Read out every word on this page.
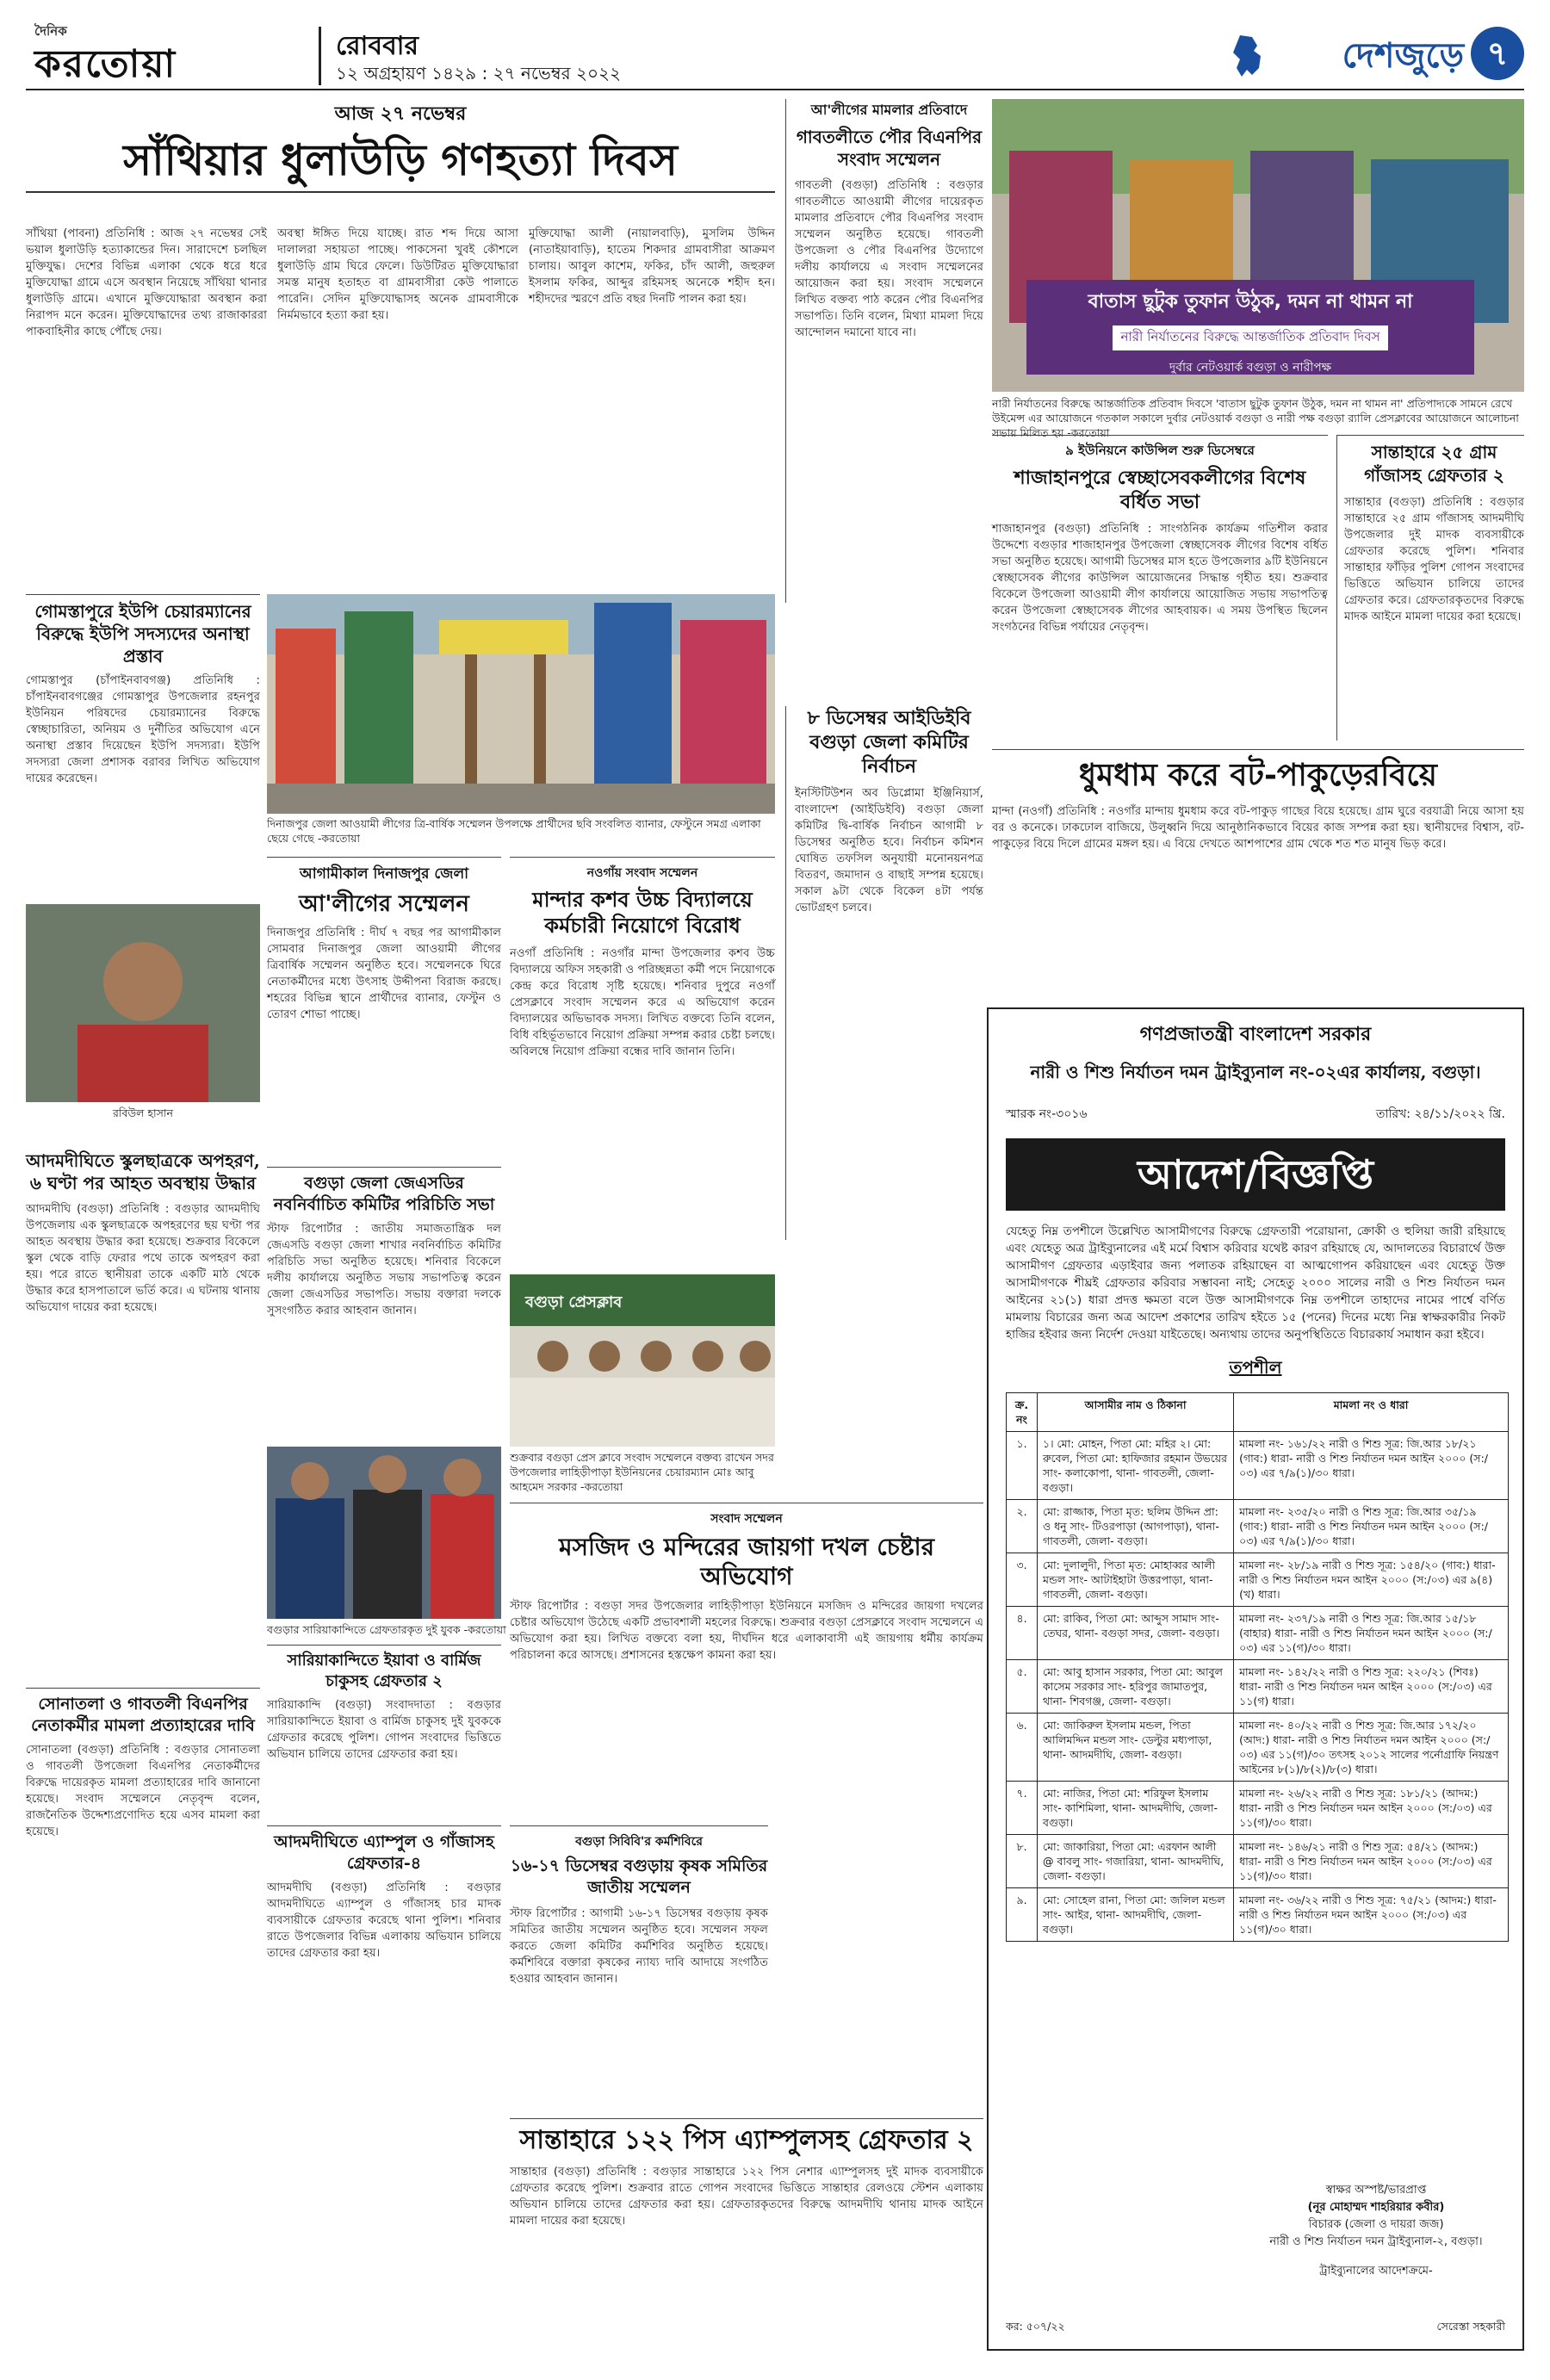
দৈনিক
করতোয়া	রোববার
১২ অগ্রহায়ণ ১৪২৯ : ২৭ নভেম্বর ২০২২	দেশজুড়ে ৭
আজ ২৭ নভেম্বর
সাঁথিয়ার ধুলাউড়ি গণহত্যা দিবস
সাঁথিয়া (পাবনা) প্রতিনিধি : আজ ২৭ নভেম্বর সেই ভয়াল ধুলাউড়ি হত্যাকান্ডের দিন। সারাদেশে চলছিল মুক্তিযুদ্ধ। দেশের বিভিন্ন এলাকা থেকে ধরে ধরে মুক্তিযোদ্ধা গ্রামে এসে অবস্থান নিয়েছে সাঁথিয়া থানার ধুলাউড়ি গ্রামে। এখানে মুক্তিযোদ্ধারা অবস্থান করা নিরাপদ মনে করেন। মুক্তিযোদ্ধাদের তথ্য রাজাকাররা পাকবাহিনীর কাছে পৌঁছে দেয়।
অবস্থা ঈঙ্গিত দিয়ে যাচ্ছে। রাত শব্দ দিয়ে আসা দালালরা সহায়তা পাচ্ছে। পাকসেনা খুবই কৌশলে ধুলাউড়ি গ্রাম ঘিরে ফেলে। ডিউটিরত মুক্তিযোদ্ধারা সমস্ত মানুষ হতাহত বা গ্রামবাসীরা কেউ পালাতে পারেনি। সেদিন মুক্তিযোদ্ধাসহ অনেক গ্রামবাসীকে নির্মমভাবে হত্যা করা হয়।
মুক্তিযোদ্ধা আলী (নায়ালবাড়ি), মুসলিম উদ্দিন (নাতাইয়াবাড়ি), হাতেম শিকদার গ্রামবাসীরা আক্রমণ চালায়। আবুল কাশেম, ফকির, চাঁদ আলী, জহুরুল ইসলাম ফকির, আব্দুর রহিমসহ অনেকে শহীদ হন। শহীদদের স্মরণে প্রতি বছর দিনটি পালন করা হয়।
গোমস্তাপুরে ইউপি চেয়ারম্যানের বিরুদ্ধে ইউপি সদস্যদের অনাস্থা প্রস্তাব
গোমস্তাপুর (চাঁপাইনবাবগঞ্জ) প্রতিনিধি : চাঁপাইনবাবগঞ্জের গোমস্তাপুর উপজেলার রহনপুর ইউনিয়ন পরিষদের চেয়ারম্যানের বিরুদ্ধে স্বেচ্ছাচারিতা, অনিয়ম ও দুর্নীতির অভিযোগ এনে অনাস্থা প্রস্তাব দিয়েছেন ইউপি সদস্যরা। ইউপি সদস্যরা জেলা প্রশাসক বরাবর লিখিত অভিযোগ দায়ের করেছেন।
দিনাজপুর জেলা আওয়ামী লীগের ত্রি-বার্ষিক সম্মেলন উপলক্ষে প্রার্থীদের ছবি সংবলিত ব্যানার, ফেস্টুনে সমগ্র এলাকা ছেয়ে গেছে -করতোয়া
আগামীকাল দিনাজপুর জেলা
আ'লীগের সম্মেলন
দিনাজপুর প্রতিনিধি : দীর্ঘ ৭ বছর পর আগামীকাল সোমবার দিনাজপুর জেলা আওয়ামী লীগের ত্রিবার্ষিক সম্মেলন অনুষ্ঠিত হবে। সম্মেলনকে ঘিরে নেতাকর্মীদের মধ্যে উৎসাহ উদ্দীপনা বিরাজ করছে। শহরের বিভিন্ন স্থানে প্রার্থীদের ব্যানার, ফেস্টুন ও তোরণ শোভা পাচ্ছে।
নওগাঁয় সংবাদ সম্মেলন
মান্দার কশব উচ্চ বিদ্যালয়ে কর্মচারী নিয়োগে বিরোধ
নওগাঁ প্রতিনিধি : নওগাঁর মান্দা উপজেলার কশব উচ্চ বিদ্যালয়ে অফিস সহকারী ও পরিচ্ছন্নতা কর্মী পদে নিয়োগকে কেন্দ্র করে বিরোধ সৃষ্টি হয়েছে। শনিবার দুপুরে নওগাঁ প্রেসক্লাবে সংবাদ সম্মেলন করে এ অভিযোগ করেন বিদ্যালয়ের অভিভাবক সদস্য। লিখিত বক্তব্যে তিনি বলেন, বিধি বহির্ভূতভাবে নিয়োগ প্রক্রিয়া সম্পন্ন করার চেষ্টা চলছে। অবিলম্বে নিয়োগ প্রক্রিয়া বন্ধের দাবি জানান তিনি।
রবিউল হাসান
আদমদীঘিতে স্কুলছাত্রকে অপহরণ, ৬ ঘণ্টা পর আহত অবস্থায় উদ্ধার
আদমদীঘি (বগুড়া) প্রতিনিধি : বগুড়ার আদমদীঘি উপজেলায় এক স্কুলছাত্রকে অপহরণের ছয় ঘণ্টা পর আহত অবস্থায় উদ্ধার করা হয়েছে। শুক্রবার বিকেলে স্কুল থেকে বাড়ি ফেরার পথে তাকে অপহরণ করা হয়। পরে রাতে স্থানীয়রা তাকে একটি মাঠ থেকে উদ্ধার করে হাসপাতালে ভর্তি করে। এ ঘটনায় থানায় অভিযোগ দায়ের করা হয়েছে।
বগুড়া জেলা জেএসডির নবনির্বাচিত কমিটির পরিচিতি সভা
স্টাফ রিপোর্টার : জাতীয় সমাজতান্ত্রিক দল জেএসডি বগুড়া জেলা শাখার নবনির্বাচিত কমিটির পরিচিতি সভা অনুষ্ঠিত হয়েছে। শনিবার বিকেলে দলীয় কার্যালয়ে অনুষ্ঠিত সভায় সভাপতিত্ব করেন জেলা জেএসডির সভাপতি। সভায় বক্তারা দলকে সুসংগঠিত করার আহবান জানান।	বগুড়া প্রেসক্লাব
শুক্রবার বগুড়া প্রেস ক্লাবে সংবাদ সম্মেলনে বক্তব্য রাখেন সদর উপজেলার লাহিড়ীপাড়া ইউনিয়নের চেয়ারম্যান মোঃ আবু আহমেদ সরকার -করতোয়া
বগুড়ার সারিয়াকান্দিতে গ্রেফতারকৃত দুই যুবক -করতোয়া
সংবাদ সম্মেলন
মসজিদ ও মন্দিরের জায়গা দখল চেষ্টার অভিযোগ
স্টাফ রিপোর্টার : বগুড়া সদর উপজেলার লাহিড়ীপাড়া ইউনিয়নে মসজিদ ও মন্দিরের জায়গা দখলের চেষ্টার অভিযোগ উঠেছে একটি প্রভাবশালী মহলের বিরুদ্ধে। শুক্রবার বগুড়া প্রেসক্লাবে সংবাদ সম্মেলনে এ অভিযোগ করা হয়। লিখিত বক্তব্যে বলা হয়, দীর্ঘদিন ধরে এলাকাবাসী এই জায়গায় ধর্মীয় কার্যক্রম পরিচালনা করে আসছে। প্রশাসনের হস্তক্ষেপ কামনা করা হয়।
সারিয়াকান্দিতে ইয়াবা ও বার্মিজ চাকুসহ গ্রেফতার ২
সারিয়াকান্দি (বগুড়া) সংবাদদাতা : বগুড়ার সারিয়াকান্দিতে ইয়াবা ও বার্মিজ চাকুসহ দুই যুবককে গ্রেফতার করেছে পুলিশ। গোপন সংবাদের ভিত্তিতে অভিযান চালিয়ে তাদের গ্রেফতার করা হয়।
সোনাতলা ও গাবতলী বিএনপির নেতাকর্মীর মামলা প্রত্যাহারের দাবি
সোনাতলা (বগুড়া) প্রতিনিধি : বগুড়ার সোনাতলা ও গাবতলী উপজেলা বিএনপির নেতাকর্মীদের বিরুদ্ধে দায়েরকৃত মামলা প্রত্যাহারের দাবি জানানো হয়েছে। সংবাদ সম্মেলনে নেতৃবৃন্দ বলেন, রাজনৈতিক উদ্দেশ্যপ্রণোদিত হয়ে এসব মামলা করা হয়েছে।
আদমদীঘিতে এ্যাম্পুল ও গাঁজাসহ গ্রেফতার-৪
আদমদীঘি (বগুড়া) প্রতিনিধি : বগুড়ার আদমদীঘিতে এ্যাম্পুল ও গাঁজাসহ চার মাদক ব্যবসায়ীকে গ্রেফতার করেছে থানা পুলিশ। শনিবার রাতে উপজেলার বিভিন্ন এলাকায় অভিযান চালিয়ে তাদের গ্রেফতার করা হয়।
বগুড়া সিবিবি'র কর্মশিবিরে
১৬-১৭ ডিসেম্বর বগুড়ায় কৃষক সমিতির জাতীয় সম্মেলন
স্টাফ রিপোর্টার : আগামী ১৬-১৭ ডিসেম্বর বগুড়ায় কৃষক সমিতির জাতীয় সম্মেলন অনুষ্ঠিত হবে। সম্মেলন সফল করতে জেলা কমিটির কর্মশিবির অনুষ্ঠিত হয়েছে। কর্মশিবিরে বক্তারা কৃষকের ন্যায্য দাবি আদায়ে সংগঠিত হওয়ার আহবান জানান।
সান্তাহারে ১২২ পিস এ্যাম্পুলসহ গ্রেফতার ২
সান্তাহার (বগুড়া) প্রতিনিধি : বগুড়ার সান্তাহারে ১২২ পিস নেশার এ্যাম্পুলসহ দুই মাদক ব্যবসায়ীকে গ্রেফতার করেছে পুলিশ। শুক্রবার রাতে গোপন সংবাদের ভিত্তিতে সান্তাহার রেলওয়ে স্টেশন এলাকায় অভিযান চালিয়ে তাদের গ্রেফতার করা হয়। গ্রেফতারকৃতদের বিরুদ্ধে আদমদীঘি থানায় মাদক আইনে মামলা দায়ের করা হয়েছে।
আ'লীগের মামলার প্রতিবাদে
গাবতলীতে পৌর বিএনপির সংবাদ সম্মেলন
গাবতলী (বগুড়া) প্রতিনিধি : বগুড়ার গাবতলীতে আওয়ামী লীগের দায়েরকৃত মামলার প্রতিবাদে পৌর বিএনপির সংবাদ সম্মেলন অনুষ্ঠিত হয়েছে। গাবতলী উপজেলা ও পৌর বিএনপির উদ্যোগে দলীয় কার্যালয়ে এ সংবাদ সম্মেলনের আয়োজন করা হয়। সংবাদ সম্মেলনে লিখিত বক্তব্য পাঠ করেন পৌর বিএনপির সভাপতি। তিনি বলেন, মিথ্যা মামলা দিয়ে আন্দোলন দমানো যাবে না।
৮ ডিসেম্বর আইডিইবি বগুড়া জেলা কমিটির নির্বাচন
ইনস্টিটিউশন অব ডিপ্লোমা ইঞ্জিনিয়ার্স, বাংলাদেশ (আইডিইবি) বগুড়া জেলা কমিটির দ্বি-বার্ষিক নির্বাচন আগামী ৮ ডিসেম্বর অনুষ্ঠিত হবে। নির্বাচন কমিশন ঘোষিত তফসিল অনুযায়ী মনোনয়নপত্র বিতরণ, জমাদান ও বাছাই সম্পন্ন হয়েছে। সকাল ৯টা থেকে বিকেল ৪টা পর্যন্ত ভোটগ্রহণ চলবে।
বাতাস ছুটুক তুফান উঠুক, দমন না থামন না
নারী নির্যাতনের বিরুদ্ধে আন্তর্জাতিক প্রতিবাদ দিবস
দুর্বার নেটওয়ার্ক বগুড়া ও নারীপক্ষ
নারী নির্যাতনের বিরুদ্ধে আন্তর্জাতিক প্রতিবাদ দিবসে 'বাতাস ছুটুক তুফান উঠুক, দমন না থামন না' প্রতিপাদ্যকে সামনে রেখে উইমেন্স এর আয়োজনে গতকাল সকালে দুর্বার নেটওয়ার্ক বগুড়া ও নারী পক্ষ বগুড়া র‌্যালি প্রেসক্লাবের আয়োজনে আলোচনা সভায় মিলিত হয় -করতোয়া
৯ ইউনিয়নে কাউন্সিল শুরু ডিসেম্বরে
শাজাহানপুরে স্বেচ্ছাসেবকলীগের বিশেষ বর্ধিত সভা
শাজাহানপুর (বগুড়া) প্রতিনিধি : সাংগঠনিক কার্যক্রম গতিশীল করার উদ্দেশ্যে বগুড়ার শাজাহানপুর উপজেলা স্বেচ্ছাসেবক লীগের বিশেষ বর্ধিত সভা অনুষ্ঠিত হয়েছে। আগামী ডিসেম্বর মাস হতে উপজেলার ৯টি ইউনিয়নে স্বেচ্ছাসেবক লীগের কাউন্সিল আয়োজনের সিদ্ধান্ত গৃহীত হয়। শুক্রবার বিকেলে উপজেলা আওয়ামী লীগ কার্যালয়ে আয়োজিত সভায় সভাপতিত্ব করেন উপজেলা স্বেচ্ছাসেবক লীগের আহবায়ক। এ সময় উপস্থিত ছিলেন সংগঠনের বিভিন্ন পর্যায়ের নেতৃবৃন্দ।
সান্তাহারে ২৫ গ্রাম গাঁজাসহ গ্রেফতার ২
সান্তাহার (বগুড়া) প্রতিনিধি : বগুড়ার সান্তাহারে ২৫ গ্রাম গাঁজাসহ আদমদীঘি উপজেলার দুই মাদক ব্যবসায়ীকে গ্রেফতার করেছে পুলিশ। শনিবার সান্তাহার ফাঁড়ির পুলিশ গোপন সংবাদের ভিত্তিতে অভিযান চালিয়ে তাদের গ্রেফতার করে। গ্রেফতারকৃতদের বিরুদ্ধে মাদক আইনে মামলা দায়ের করা হয়েছে।
ধুমধাম করে বট-পাকুড়েরবিয়ে
মান্দা (নওগাঁ) প্রতিনিধি : নওগাঁর মান্দায় ধুমধাম করে বট-পাকুড় গাছের বিয়ে হয়েছে। গ্রাম ঘুরে বরযাত্রী নিয়ে আসা হয় বর ও কনেকে। ঢাকঢোল বাজিয়ে, উলুধ্বনি দিয়ে আনুষ্ঠানিকভাবে বিয়ের কাজ সম্পন্ন করা হয়। স্থানীয়দের বিশ্বাস, বট-পাকুড়ের বিয়ে দিলে গ্রামের মঙ্গল হয়। এ বিয়ে দেখতে আশপাশের গ্রাম থেকে শত শত মানুষ ভিড় করে।
গণপ্রজাতন্ত্রী বাংলাদেশ সরকার
নারী ও শিশু নির্যাতন দমন ট্রাইব্যুনাল নং-০২এর কার্যালয়, বগুড়া।
স্মারক নং-৩০১৬	তারিখ: ২৪/১১/২০২২ খ্রি.
আদেশ/বিজ্ঞপ্তি
যেহেতু নিম্ন তপশীলে উল্লেখিত আসামীগণের বিরুদ্ধে গ্রেফতারী পরোয়ানা, ক্রোকী ও হুলিয়া জারী রহিয়াছে এবং যেহেতু অত্র ট্রাইব্যুনালের এই মর্মে বিশ্বাস করিবার যথেষ্ট কারণ রহিয়াছে যে, আদালতের বিচারার্থে উক্ত আসামীগণ গ্রেফতার এড়াইবার জন্য পলাতক রহিয়াছেন বা আত্মগোপন করিয়াছেন এবং যেহেতু উক্ত আসামীগণকে শীঘ্রই গ্রেফতার করিবার সম্ভাবনা নাই; সেহেতু ২০০০ সালের নারী ও শিশু নির্যাতন দমন আইনের ২১(১) ধারা প্রদত্ত ক্ষমতা বলে উক্ত আসামীগণকে নিম্ন তপশীলে তাহাদের নামের পার্শ্বে বর্ণিত মামলায় বিচারের জন্য অত্র আদেশ প্রকাশের তারিখ হইতে ১৫ (পনের) দিনের মধ্যে নিম্ন স্বাক্ষরকারীর নিকট হাজির হইবার জন্য নির্দেশ দেওয়া যাইতেছে। অন্যথায় তাদের অনুপস্থিতিতে বিচারকার্য সমাধান করা হইবে।
তপশীল
ক্র. নং	আসামীর নাম ও ঠিকানা	মামলা নং ও ধারা
১.	১। মো: মোহন, পিতা মো: মহির ২। মো: রুবেল, পিতা মো: হাফিজার রহমান উভয়ের সাং- কলাকোপা, থানা- গাবতলী, জেলা- বগুড়া।	মামলা নং- ১৬১/২২ নারী ও শিশু সূত্র: জি.আর ১৮/২১ (গাব:) ধারা- নারী ও শিশু নির্যাতন দমন আইন ২০০০ (স:/০৩) এর ৭/৯(১)/৩০ ধারা।
২.	মো: রাজ্জাক, পিতা মৃত: ছলিম উদ্দিন প্রা: ও ধনু সাং- টিওরপাড়া (আগপাড়া), থানা- গাবতলী, জেলা- বগুড়া।	মামলা নং- ২৩৫/২০ নারী ও শিশু সূত্র: জি.আর ৩৫/১৯ (গাব:) ধারা- নারী ও শিশু নির্যাতন দমন আইন ২০০০ (স:/০৩) এর ৭/৯(১)/৩০ ধারা।
৩.	মো: দুলালুদী, পিতা মৃত: মোহাব্বর আলী মন্ডল সাং- আটাইহাটা উত্তরপাড়া, থানা- গাবতলী, জেলা- বগুড়া।	মামলা নং- ২৮/১৯ নারী ও শিশু সূত্র: ১৫৪/২০ (গাব:) ধারা- নারী ও শিশু নির্যাতন দমন আইন ২০০০ (স:/০৩) এর ৯(৪)(খ) ধারা।
৪.	মো: রাকিব, পিতা মো: আব্দুস সামাদ সাং- তেঘর, থানা- বগুড়া সদর, জেলা- বগুড়া।	মামলা নং- ২৩৭/১৯ নারী ও শিশু সূত্র: জি.আর ১৫/১৮ (বাহার) ধারা- নারী ও শিশু নির্যাতন দমন আইন ২০০০ (স:/০৩) এর ১১(গ)/৩০ ধারা।
৫.	মো: আবু হাসান সরকার, পিতা মো: আবুল কাসেম সরকার সাং- হরিপুর জামাতপুর, থানা- শিবগঞ্জ, জেলা- বগুড়া।	মামলা নং- ১৪২/২২ নারী ও শিশু সূত্র: ২২০/২১ (শিবঃ) ধারা- নারী ও শিশু নির্যাতন দমন আইন ২০০০ (স:/০৩) এর ১১(গ) ধারা।
৬.	মো: জাকিরুল ইসলাম মন্ডল, পিতা আলিমদ্দিন মন্ডল সাং- ডেল্টুর মধ্যপাড়া, থানা- আদমদীঘি, জেলা- বগুড়া।	মামলা নং- ৪০/২২ নারী ও শিশু সূত্র: জি.আর ১৭২/২০ (আদ:) ধারা- নারী ও শিশু নির্যাতন দমন আইন ২০০০ (স:/০৩) এর ১১(গ)/৩০ তৎসহ ২০১২ সালের পর্নোগ্রাফি নিয়ন্ত্রণ আইনের ৮(১)/৮(২)/৮(৩) ধারা।
৭.	মো: নাজির, পিতা মো: শরিফুল ইসলাম সাং- কাশিমিলা, থানা- আদমদীঘি, জেলা- বগুড়া।	মামলা নং- ২৬/২২ নারী ও শিশু সূত্র: ১৮১/২১ (আদম:) ধারা- নারী ও শিশু নির্যাতন দমন আইন ২০০০ (স:/০৩) এর ১১(গ)/৩০ ধারা।
৮.	মো: জাকারিয়া, পিতা মো: এরফান আলী @ বাবলু সাং- গজারিয়া, থানা- আদমদীঘি, জেলা- বগুড়া।	মামলা নং- ১৪৬/২১ নারী ও শিশু সূত্র: ৫৪/২১ (আদম:) ধারা- নারী ও শিশু নির্যাতন দমন আইন ২০০০ (স:/০৩) এর ১১(গ)/৩০ ধারা।
৯.	মো: সোহেল রানা, পিতা মো: জলিল মন্ডল সাং- আইর, থানা- আদমদীঘি, জেলা- বগুড়া।	মামলা নং- ৩৬/২২ নারী ও শিশু সূত্র: ৭৫/২১ (আদম:) ধারা- নারী ও শিশু নির্যাতন দমন আইন ২০০০ (স:/০৩) এর ১১(গ)/৩০ ধারা।
স্বাক্ষর অস্পষ্ট/ভারপ্রাপ্ত
(নূর মোহাম্মদ শাহরিয়ার কবীর)
বিচারক (জেলা ও দায়রা জজ)
নারী ও শিশু নির্যাতন দমন ট্রাইব্যুনাল-২, বগুড়া।
ট্রাইব্যুনালের আদেশক্রমে-
কর: ৫০৭/২২	সেরেস্তা সহকারী
